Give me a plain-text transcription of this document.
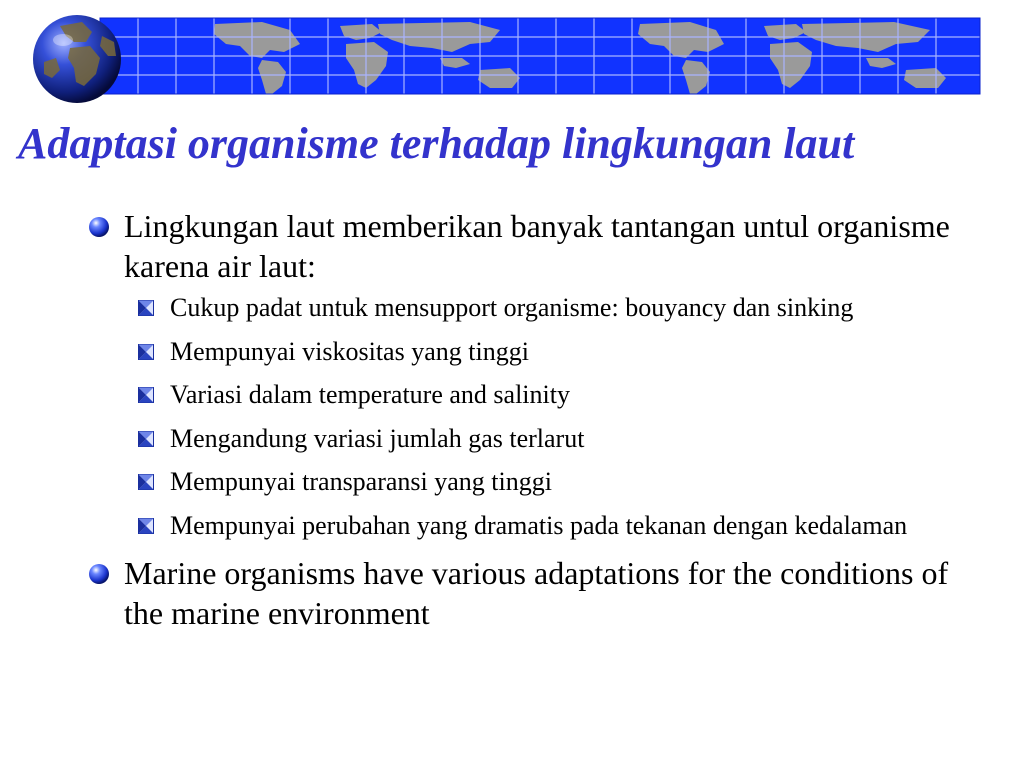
Adaptasi organisme terhadap lingkungan laut
Lingkungan laut memberikan banyak tantangan untul organisme karena air laut:
Cukup padat untuk mensupport organisme: bouyancy dan sinking
Mempunyai viskositas yang tinggi
Variasi dalam temperature and salinity
Mengandung variasi jumlah gas terlarut
Mempunyai transparansi yang tinggi
Mempunyai perubahan yang dramatis pada tekanan dengan kedalaman
Marine organisms have various adaptations for the conditions of the marine environment
